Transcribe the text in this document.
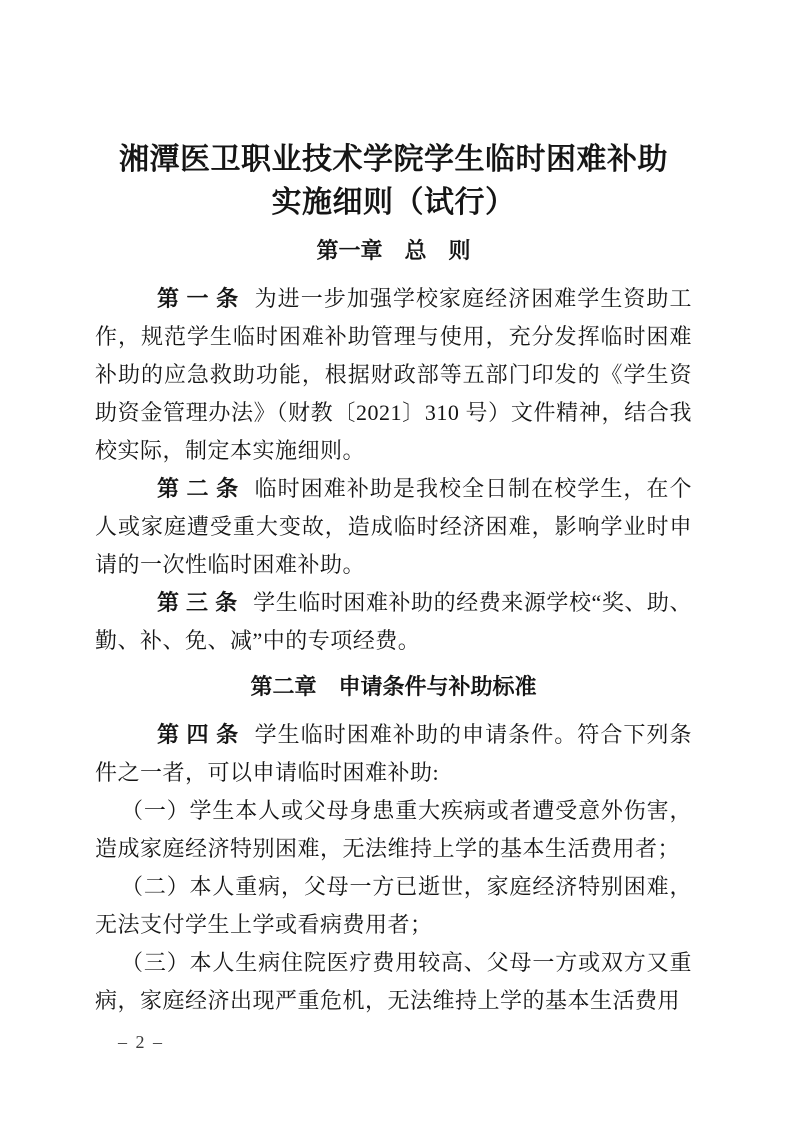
湘潭医卫职业技术学院学生临时困难补助
实施细则（试行）
第一章　总　则

第一条 为进一步加强学校家庭经济困难学生资助工作，规范学生临时困难补助管理与使用，充分发挥临时困难补助的应急救助功能，根据财政部等五部门印发的《学生资助资金管理办法》（财教〔2021〕310 号）文件精神，结合我校实际，制定本实施细则。

第二条 临时困难补助是我校全日制在校学生，在个人或家庭遭受重大变故，造成临时经济困难，影响学业时申请的一次性临时困难补助。

第三条 学生临时困难补助的经费来源学校“奖、助、勤、补、免、减”中的专项经费。

第二章　申请条件与补助标准

第四条 学生临时困难补助的申请条件。符合下列条件之一者，可以申请临时困难补助:

（一）学生本人或父母身患重大疾病或者遭受意外伤害，造成家庭经济特别困难，无法维持上学的基本生活费用者；

（二）本人重病，父母一方已逝世，家庭经济特别困难，无法支付学生上学或看病费用者；

（三）本人生病住院医疗费用较高、父母一方或双方又重病，家庭经济出现严重危机，无法维持上学的基本生活费用

– 2 –
